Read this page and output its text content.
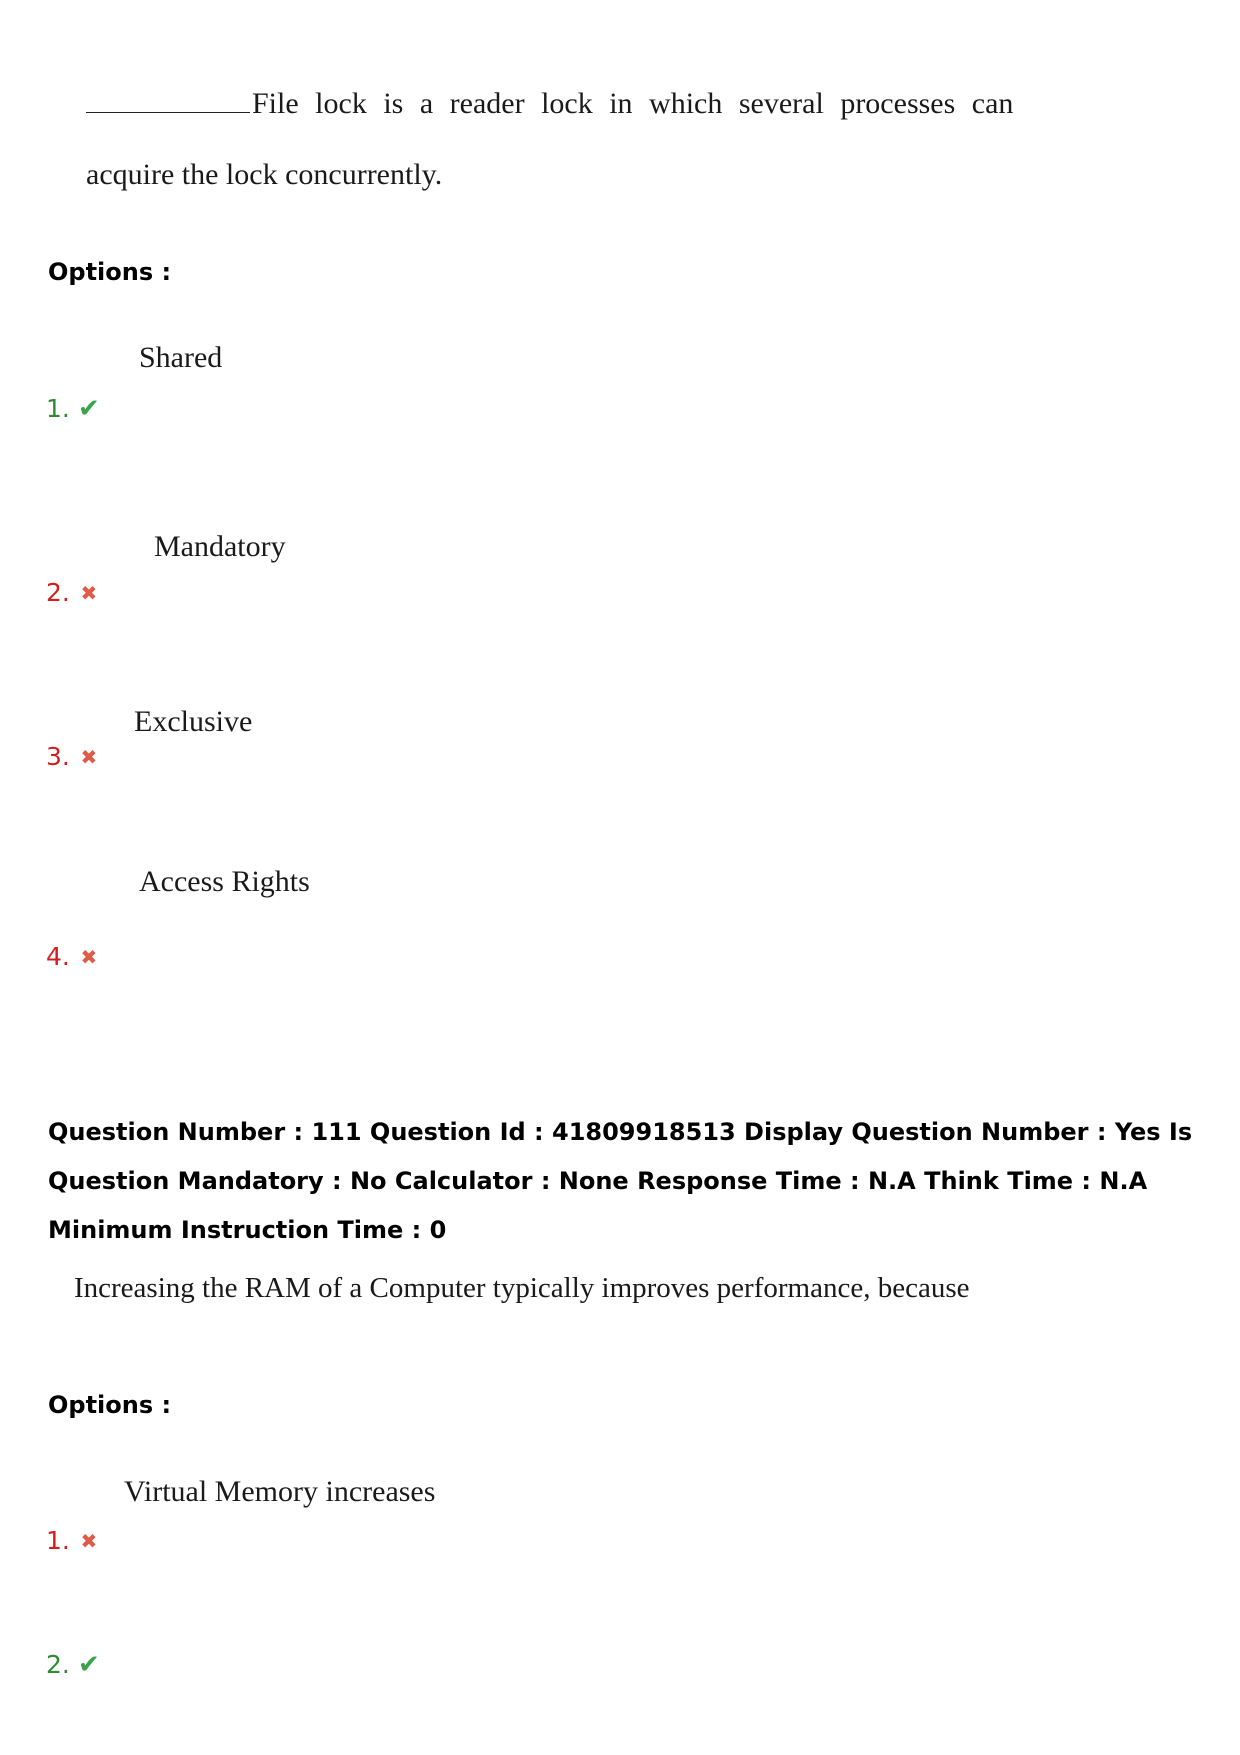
File lock is a reader lock in which several processes can
acquire the lock concurrently.
Options :
Shared
1. ✔
Mandatory
2. ✖
Exclusive
3. ✖
Access Rights
4. ✖
Question Number : 111 Question Id : 41809918513 Display Question Number : Yes Is Question Mandatory : No Calculator : None Response Time : N.A Think Time : N.A Minimum Instruction Time : 0
Increasing the RAM of a Computer typically improves performance, because
Options :
Virtual Memory increases
1. ✖
2. ✔
